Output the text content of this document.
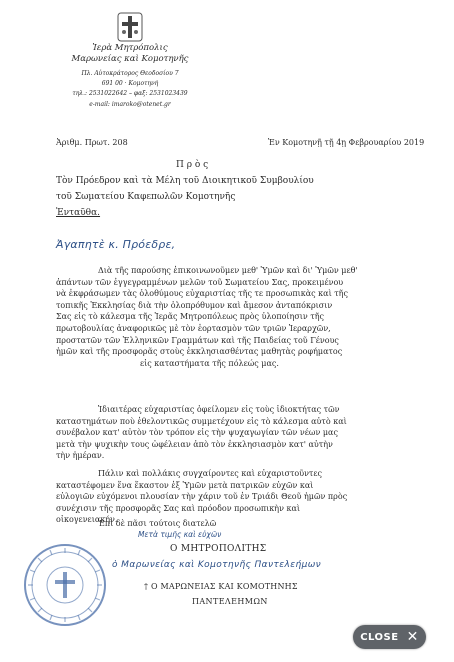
Ἱερὰ Μητρόπολις
Μαρωνείας καὶ Κομοτηνῆς
Πλ. Αὐτοκράτορος Θεοδοσίου 7
691 00 · Κομοτηνή
τηλ.: 2531022642 – φαξ: 2531023439
e-mail: imaroko@otenet.gr
Ἀριθμ. Πρωτ. 208	Ἐν Κομοτηνῇ τῇ 4ῃ Φεβρουαρίου 2019
Π ρ ὸ ς
Τὸν Πρόεδρον καὶ τὰ Μέλη τοῦ Διοικητικοῦ Συμβουλίου
τοῦ Σωματείου Καφεπωλῶν Κομοτηνῆς
Ἐνταῦθα.
Ἀγαπητὲ κ. Πρόεδρε,
Διὰ τῆς παρούσης ἐπικοινωνοῦμεν μεθ' Ὑμῶν καὶ δι' Ὑμῶν μεθ'
ἁπάντων τῶν ἐγγεγραμμένων μελῶν τοῦ Σωματείου Σας, προκειμένου
νὰ ἐκφράσωμεν τὰς ὁλοθύμους εὐχαριστίας τῆς τε προσωπικὰς καὶ τῆς
τοπικῆς Ἐκκλησίας διὰ τὴν ὁλοπρόθυμον καὶ ἄμεσον ἀνταπόκρισιν
Σας εἰς τὸ κάλεσμα τῆς Ἱερᾶς Μητροπόλεως πρὸς ὑλοποίησιν τῆς
πρωτοβουλίας ἀναφορικῶς μὲ τὸν ἑορτασμὸν τῶν τριῶν Ἱεραρχῶν,
προστατῶν τῶν Ἑλληνικῶν Γραμμάτων καὶ τῆς Παιδείας τοῦ Γένους
ἡμῶν καὶ τῆς προσφορᾶς στοὺς ἐκκλησιασθέντας μαθητὰς ροφήματος
εἰς καταστήματα τῆς πόλεώς μας.
Ἰδιαιτέρας εὐχαριστίας ὀφείλομεν εἰς τοὺς ἰδιοκτήτας τῶν
καταστημάτων ποὺ ἐθελοντικῶς συμμετέχουν εἰς τὸ κάλεσμα αὐτὸ καὶ
συνέβαλον κατ' αὐτὸν τὸν τρόπον εἰς τὴν ψυχαγωγίαν τῶν νέων μας
μετὰ τὴν ψυχικὴν τους ὠφέλειαν ἀπὸ τὸν ἐκκλησιασμὸν κατ' αὐτὴν
τὴν ἡμέραν.
Πάλιν καὶ πολλάκις συγχαίροντες καὶ εὐχαριστοῦντες
καταστέφομεν ἕνα ἕκαστον ἐξ Ὑμῶν μετὰ πατρικῶν εὐχῶν καὶ
εὐλογιῶν εὐχόμενοι πλουσίαν τὴν χάριν τοῦ ἐν Τριάδι Θεοῦ ἡμῶν πρὸς
συνέχισιν τῆς προσφορᾶς Σας καὶ πρόοδον προσωπικὴν καὶ
οἰκογενειακήν.
Ἐπὶ δὲ πᾶσι τούτοις διατελῶ
Μετὰ τιμῆς καὶ εὐχῶν
Ο ΜΗΤΡΟΠΟΛΙΤΗΣ
ὁ Μαρωνείας καὶ Κομοτηνῆς Παντελεήμων
† Ο ΜΑΡΩΝΕΙΑΣ ΚΑΙ ΚΟΜΟΤΗΝΗΣ
ΠΑΝΤΕΛΕΗΜΩΝ
CLOSE ✕
